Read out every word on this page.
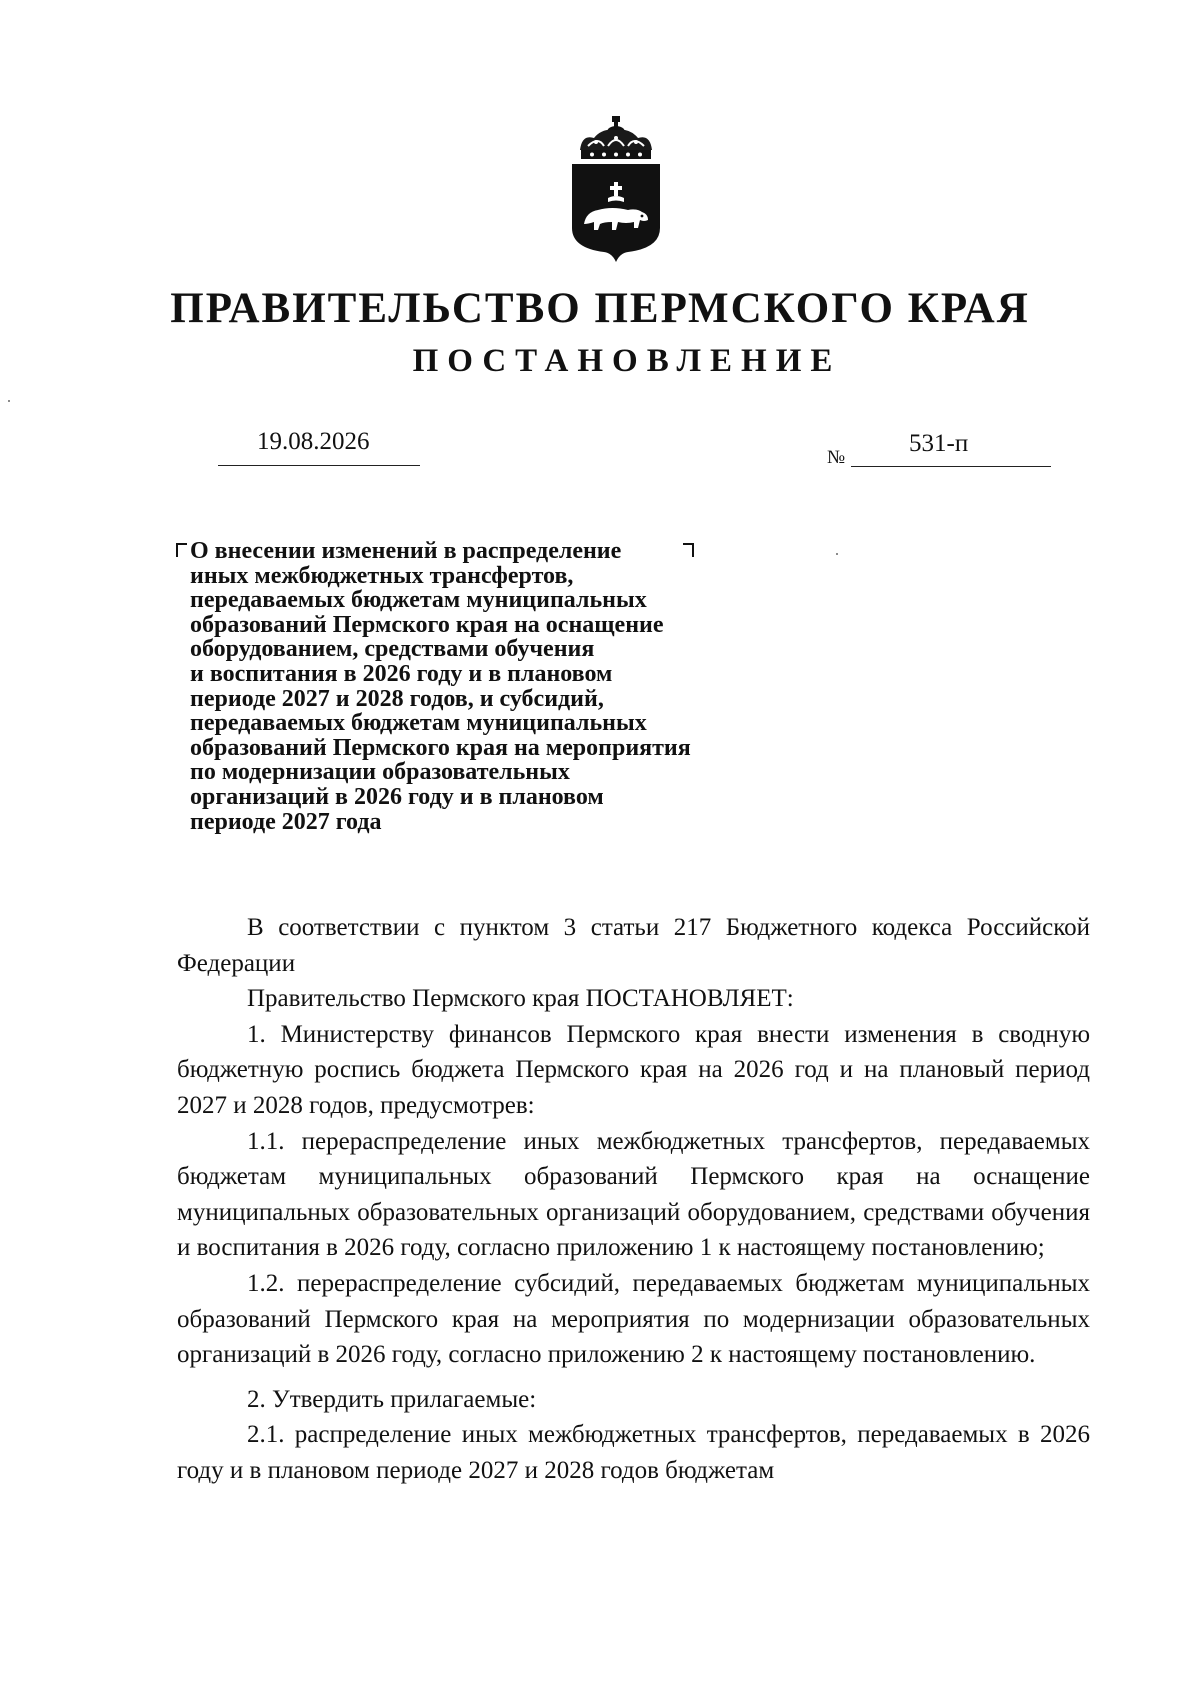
ПРАВИТЕЛЬСТВО ПЕРМСКОГО КРАЯ
ПОСТАНОВЛЕНИЕ
19.08.2026
№
531-п

О внесении изменений в распределение
иных межбюджетных трансфертов,
передаваемых бюджетам муниципальных
образований Пермского края на оснащение
оборудованием, средствами обучения
и воспитания в 2026 году и в плановом
периоде 2027 и 2028 годов, и субсидий,
передаваемых бюджетам муниципальных
образований Пермского края на мероприятия
по модернизации образовательных
организаций в 2026 году и в плановом
периоде 2027 года

В соответствии с пунктом 3 статьи 217 Бюджетного кодекса Российской Федерации

Правительство Пермского края ПОСТАНОВЛЯЕТ:

1. Министерству финансов Пермского края внести изменения в сводную бюджетную роспись бюджета Пермского края на 2026 год и на плановый период 2027 и 2028 годов, предусмотрев:

1.1. перераспределение иных межбюджетных трансфертов, передаваемых бюджетам муниципальных образований Пермского края на оснащение муниципальных образовательных организаций оборудованием, средствами обучения и воспитания в 2026 году, согласно приложению 1 к настоящему постановлению;

1.2. перераспределение субсидий, передаваемых бюджетам муниципальных образований Пермского края на мероприятия по модернизации образовательных организаций в 2026 году, согласно приложению 2 к настоящему постановлению.

2. Утвердить прилагаемые:

2.1. распределение иных межбюджетных трансфертов, передаваемых в 2026 году и в плановом периоде 2027 и 2028 годов бюджетам
